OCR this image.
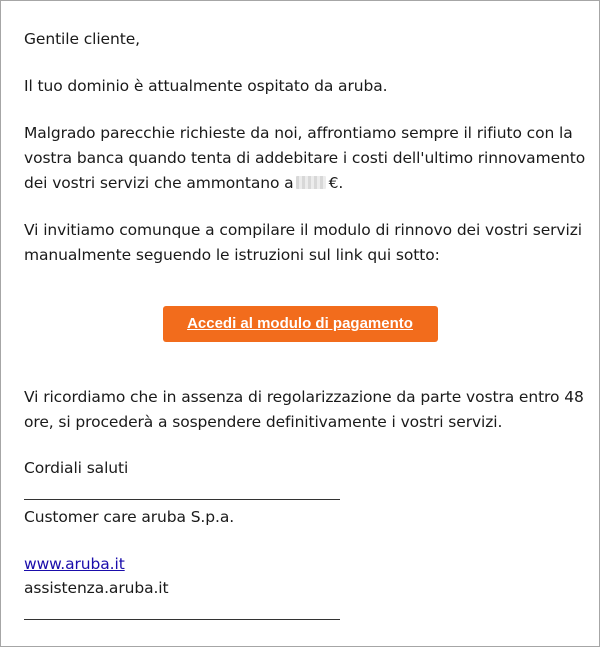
Gentile cliente,
Il tuo dominio è attualmente ospitato da aruba.
Malgrado parecchie richieste da noi, affrontiamo sempre il rifiuto con la
vostra banca quando tenta di addebitare i costi dell'ultimo rinnovamento
dei vostri servizi che ammontano a €.
Vi invitiamo comunque a compilare il modulo di rinnovo dei vostri servizi
manualmente seguendo le istruzioni sul link qui sotto:
Accedi al modulo di pagamento
Vi ricordiamo che in assenza di regolarizzazione da parte vostra entro 48
ore, si procederà a sospendere definitivamente i vostri servizi.
Cordiali saluti
Customer care aruba S.p.a.
www.aruba.it
assistenza.aruba.it
